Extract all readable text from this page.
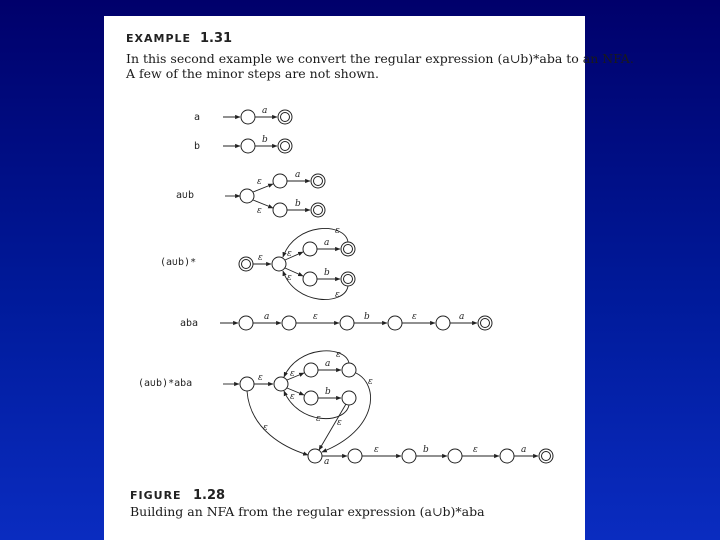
EXAMPLE 1.31
In this second example we convert the regular expression (a∪b)*aba to an NFA.
A few of the minor steps are not shown.
a
b
a∪b
(a∪b)*
aba
(a∪b)*aba
a
b
ε
ε
a
b
ε	ε
ε
a
b
ε
ε
a	ε	b	ε	a
ε	ε
ε
a
b
ε
ε
ε
ε
ε
a
ε	b	ε	a
FIGURE 1.28
Building an NFA from the regular expression (a∪b)*aba
